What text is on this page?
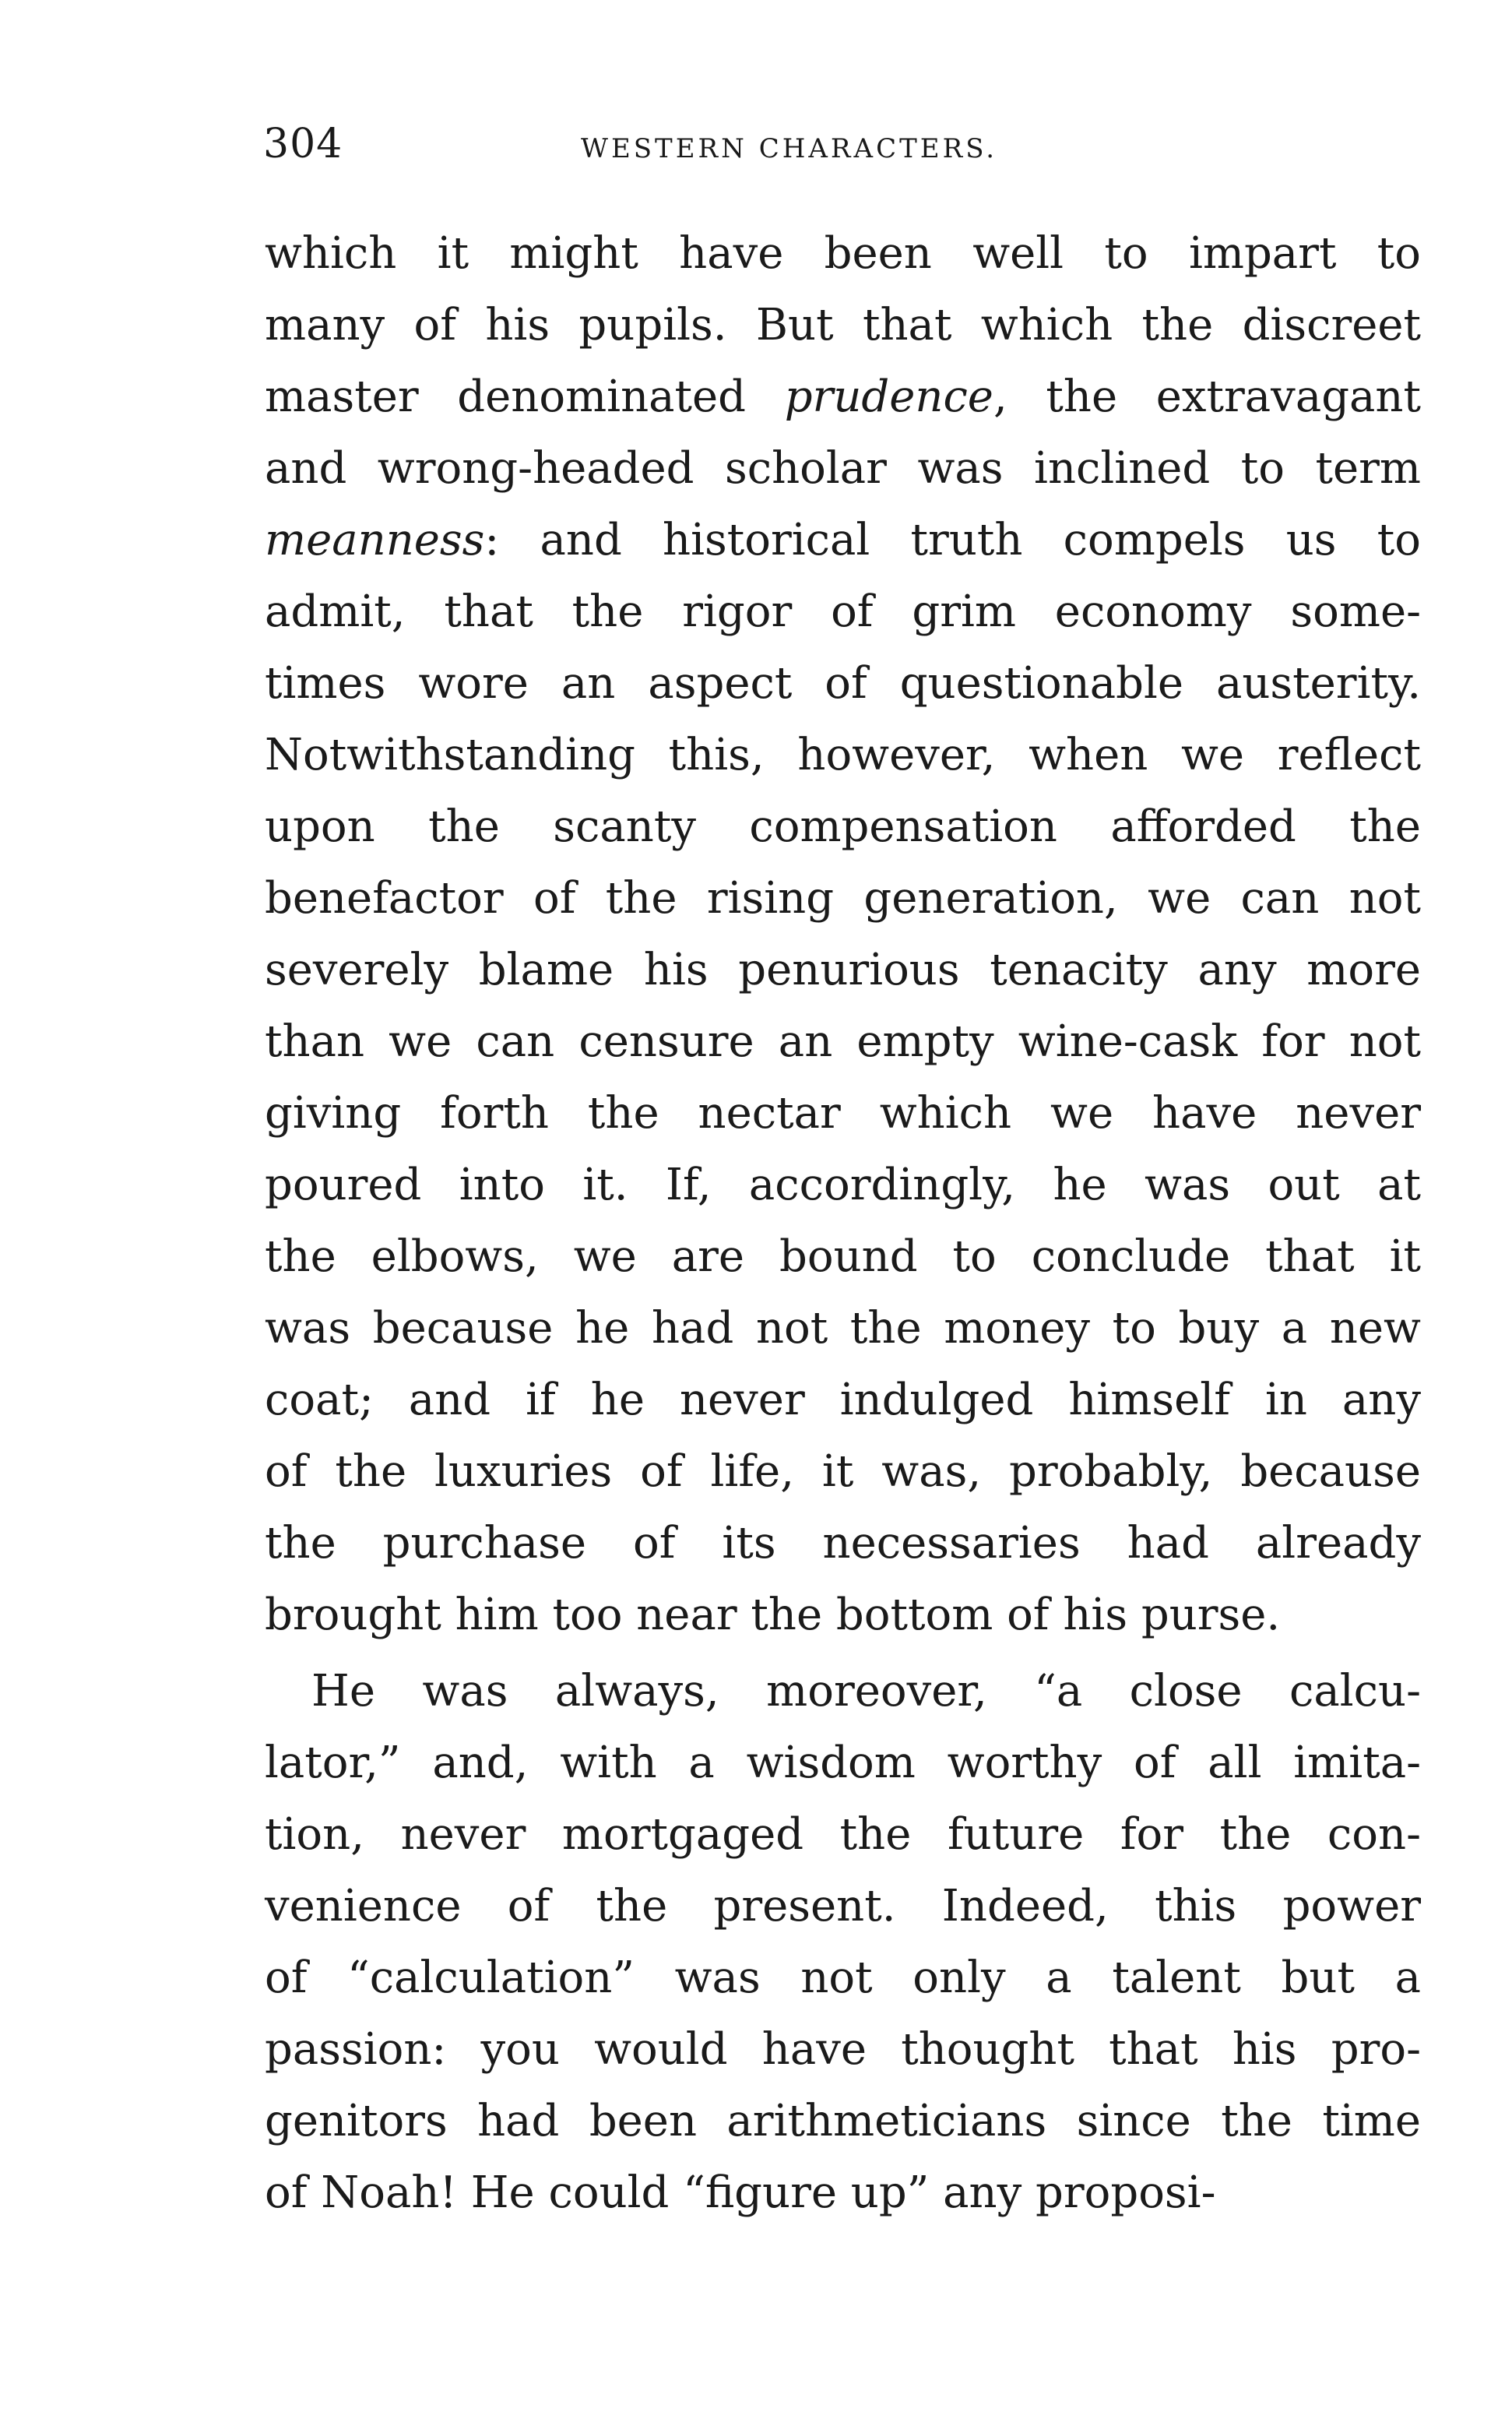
304	WESTERN CHARACTERS.
which it might have been well to impart to
many of his pupils. But that which the discreet
master denominated prudence, the extravagant
and wrong-headed scholar was inclined to term
meanness: and historical truth compels us to
admit, that the rigor of grim economy some-
times wore an aspect of questionable austerity.
Notwithstanding this, however, when we reflect
upon the scanty compensation afforded the
benefactor of the rising generation, we can not
severely blame his penurious tenacity any more
than we can censure an empty wine-cask for not
giving forth the nectar which we have never
poured into it. If, accordingly, he was out at
the elbows, we are bound to conclude that it
was because he had not the money to buy a new
coat; and if he never indulged himself in any
of the luxuries of life, it was, probably, because
the purchase of its necessaries had already
brought him too near the bottom of his purse.
He was always, moreover, “a close calcu-
lator,” and, with a wisdom worthy of all imita-
tion, never mortgaged the future for the con-
venience of the present. Indeed, this power
of “calculation” was not only a talent but a
passion: you would have thought that his pro-
genitors had been arithmeticians since the time
of Noah! He could “figure up” any proposi-
